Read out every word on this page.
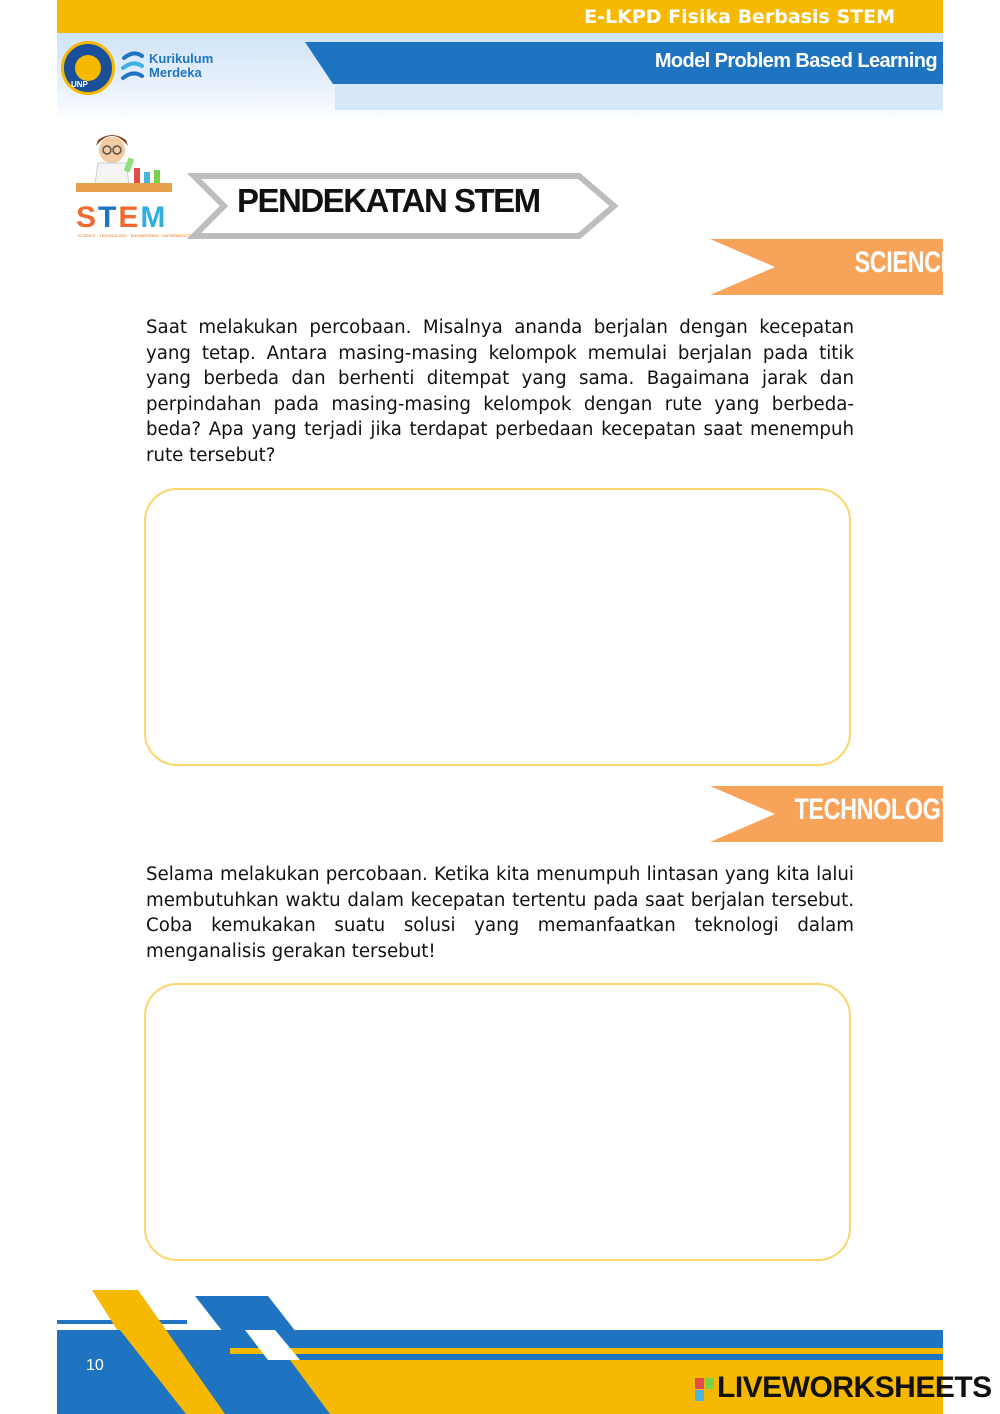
E-LKPD Fisika Berbasis STEM
Model Problem Based Learning
UNP
Kurikulum
Merdeka
STEM
SCIENCE · TECHNOLOGY · ENGINEERING · MATHEMATICS
PENDEKATAN STEM
SCIENCE

Saat melakukan percobaan. Misalnya ananda berjalan dengan kecepatan yang tetap. Antara masing-masing kelompok memulai berjalan pada titik yang berbeda dan berhenti ditempat yang sama. Bagaimana jarak dan perpindahan pada masing-masing kelompok dengan rute yang berbeda-beda? Apa yang terjadi jika terdapat perbedaan kecepatan saat menempuh rute tersebut?

TECHNOLOGY

Selama melakukan percobaan. Ketika kita menumpuh lintasan yang kita lalui membutuhkan waktu dalam kecepatan tertentu pada saat berjalan tersebut. Coba kemukakan suatu solusi yang memanfaatkan teknologi dalam menganalisis gerakan tersebut!

10
LIVEWORKSHEETS
